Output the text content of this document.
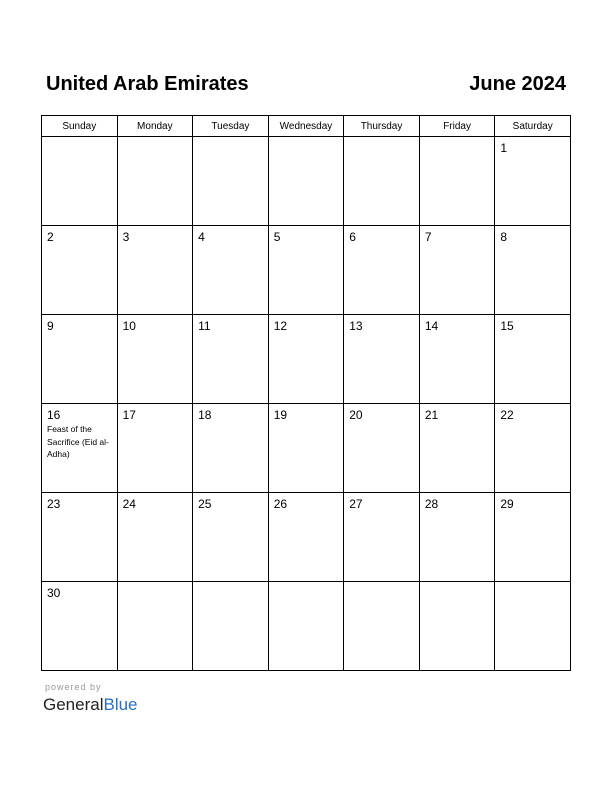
United Arab Emirates	June 2024
Sunday	Monday	Tuesday	Wednesday	Thursday	Friday	Saturday

						1

2	3	4	5	6	7	8

9	10	11	12	13	14	15

16
Feast of the Sacrifice (Eid al-Adha)	17	18	19	20	21	22

23	24	25	26	27	28	29

30						

powered by
GeneralBlue
